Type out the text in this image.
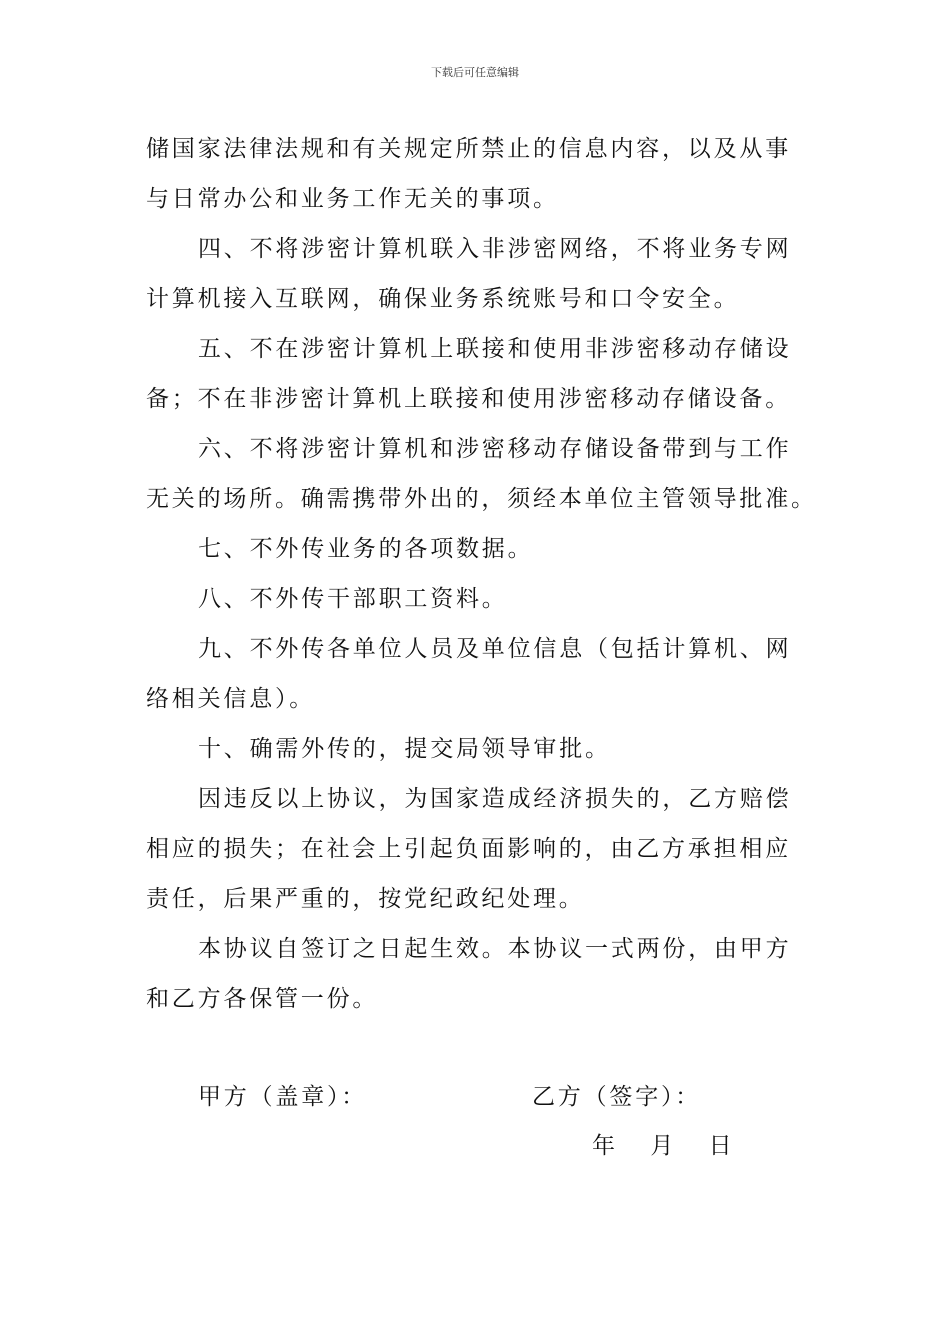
下载后可任意编辑

储国家法律法规和有关规定所禁止的信息内容，以及从事
与日常办公和业务工作无关的事项。

四、不将涉密计算机联入非涉密网络，不将业务专网
计算机接入互联网，确保业务系统账号和口令安全。

五、不在涉密计算机上联接和使用非涉密移动存储设
备；不在非涉密计算机上联接和使用涉密移动存储设备。

六、不将涉密计算机和涉密移动存储设备带到与工作
无关的场所。确需携带外出的，须经本单位主管领导批准。

七、不外传业务的各项数据。

八、不外传干部职工资料。

九、不外传各单位人员及单位信息（包括计算机、网
络相关信息）。

十、确需外传的，提交局领导审批。

因违反以上协议，为国家造成经济损失的，乙方赔偿
相应的损失；在社会上引起负面影响的，由乙方承担相应
责任，后果严重的，按党纪政纪处理。

本协议自签订之日起生效。本协议一式两份，由甲方
和乙方各保管一份。

甲方（盖章）：	乙方（签字）：
年 月 日
